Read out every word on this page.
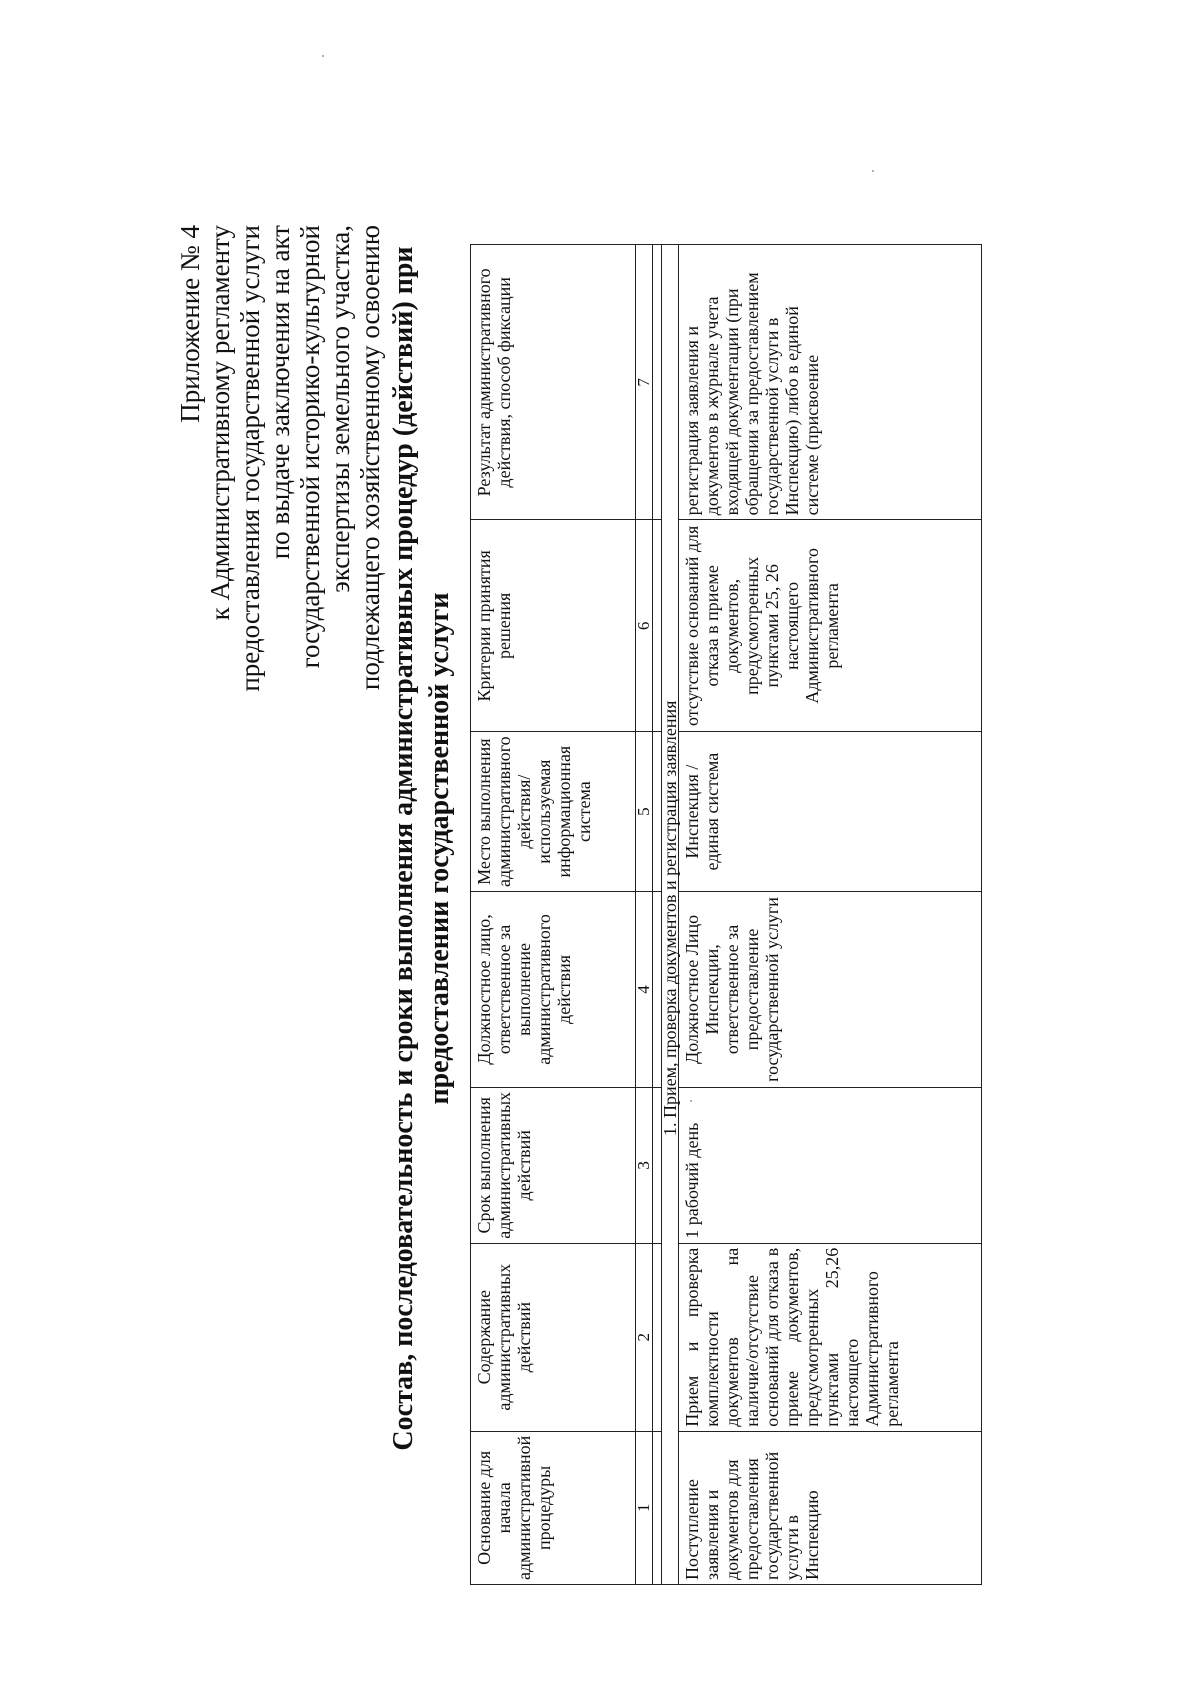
Приложение № 4 к Административному регламенту предоставления государственной услуги по выдаче заключения на акт государственной историко-культурной экспертизы земельного участка, подлежащего хозяйственному освоению Состав, последовательность и сроки выполнения административных процедур (действий) при предоставлении государственной услуги
Основание для начала административной процедуры	Содержание административных действий	Срок выполнения административных действий	Должностное лицо, ответственное за выполнение административного действия	Место выполнения административного действия/ используемая информационная система	Критерии принятия решения	Результат административного действия, способ фиксации
1	2	3	4	5	6	7

1. Прием, проверка документов и регистрация заявления						
Поступление заявления и документов для предоставления государственной услуги в Инспекцию	Прием и проверка комплектности документов на наличие/отсутствие оснований для отказа в приеме документов, предусмотренных пунктами 25,26 настоящего Административного регламента	1 рабочий день	Должностное Лицо Инспекции, ответственное за предоставление государственной услуги	Инспекция / единая система	отсутствие оснований для отказа в приеме документов, предусмотренных пунктами 25, 26 настоящего Административного регламента	регистрация заявления и документов в журнале учета входящей документации (при обращении за предоставлением государственной услуги в Инспекцию) либо в единой системе (присвоение
